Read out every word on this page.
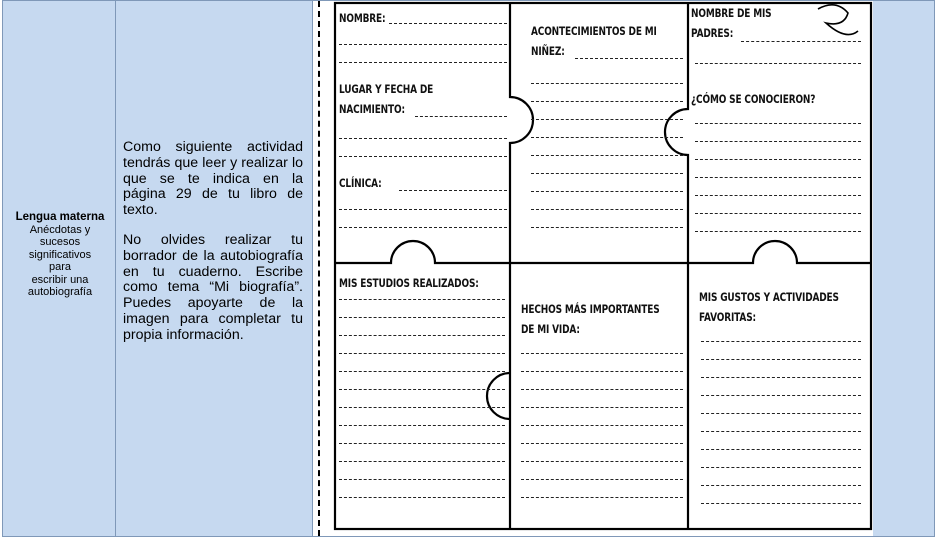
Lengua materna
Anécdotas y
sucesos
significativos
para
escribir una
autobiografía

Como siguiente actividad tendrás que leer y realizar lo que se te indica en la página 29 de tu libro de texto.

No olvides realizar tu borrador de la autobiografía en tu cuaderno. Escribe como tema “Mi biografía”. Puedes apoyarte de la imagen para completar tu propia información.

NOMBRE:
LUGAR Y FECHA DE
NACIMIENTO:
CLÍNICA:
ACONTECIMIENTOS DE MI
NIÑEZ:
NOMBRE DE MIS
PADRES:
¿CÓMO SE CONOCIERON?
MIS ESTUDIOS REALIZADOS:
HECHOS MÁS IMPORTANTES
DE MI VIDA:
MIS GUSTOS Y ACTIVIDADES
FAVORITAS:
